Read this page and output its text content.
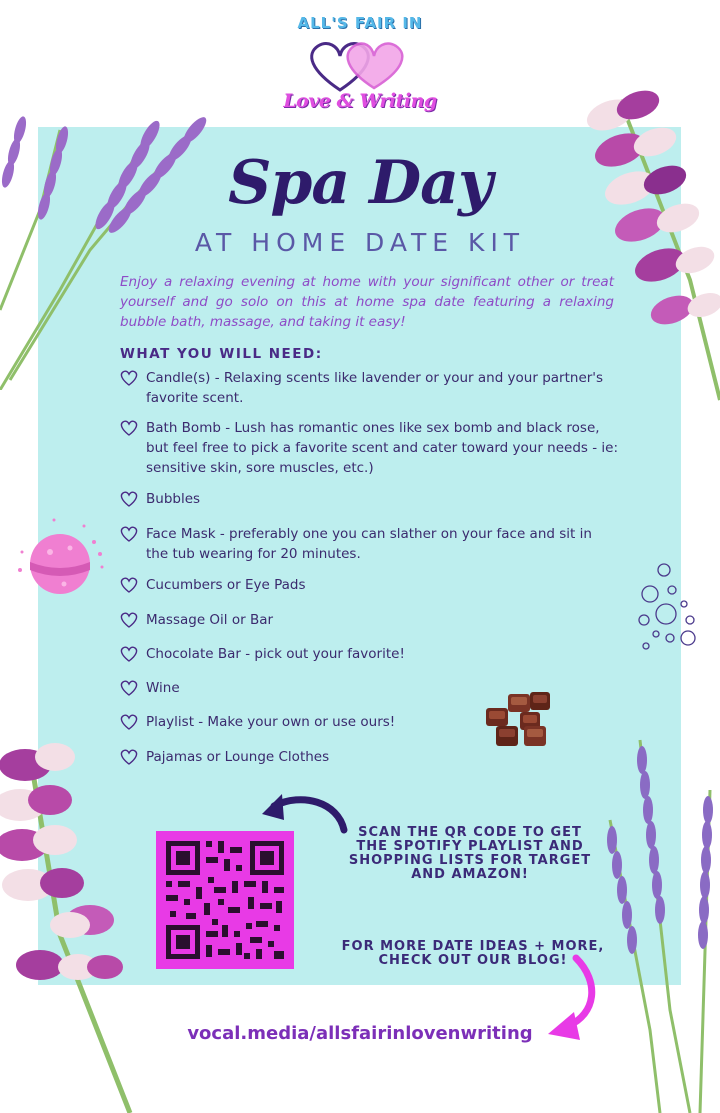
ALL'S FAIR IN
Love & Writing
Spa Day
AT HOME DATE KIT
Enjoy a relaxing evening at home with your significant other or treat yourself and go solo on this at home spa date featuring a relaxing bubble bath, massage, and taking it easy!
WHAT YOU WILL NEED:
Candle(s) - Relaxing scents like lavender or your and your partner's favorite scent.
Bath Bomb - Lush has romantic ones like sex bomb and black rose, but feel free to pick a favorite scent and cater toward your needs - ie: sensitive skin, sore muscles, etc.)
Bubbles
Face Mask - preferably one you can slather on your face and sit in the tub wearing for 20 minutes.
Cucumbers or Eye Pads
Massage Oil or Bar
Chocolate Bar - pick out your favorite!
Wine
Playlist - Make your own or use ours!
Pajamas or Lounge Clothes
SCAN THE QR CODE TO GET
THE SPOTIFY PLAYLIST AND
SHOPPING LISTS FOR TARGET
AND AMAZON!
FOR MORE DATE IDEAS + MORE,
CHECK OUT OUR BLOG!
vocal.media/allsfairinlovenwriting
